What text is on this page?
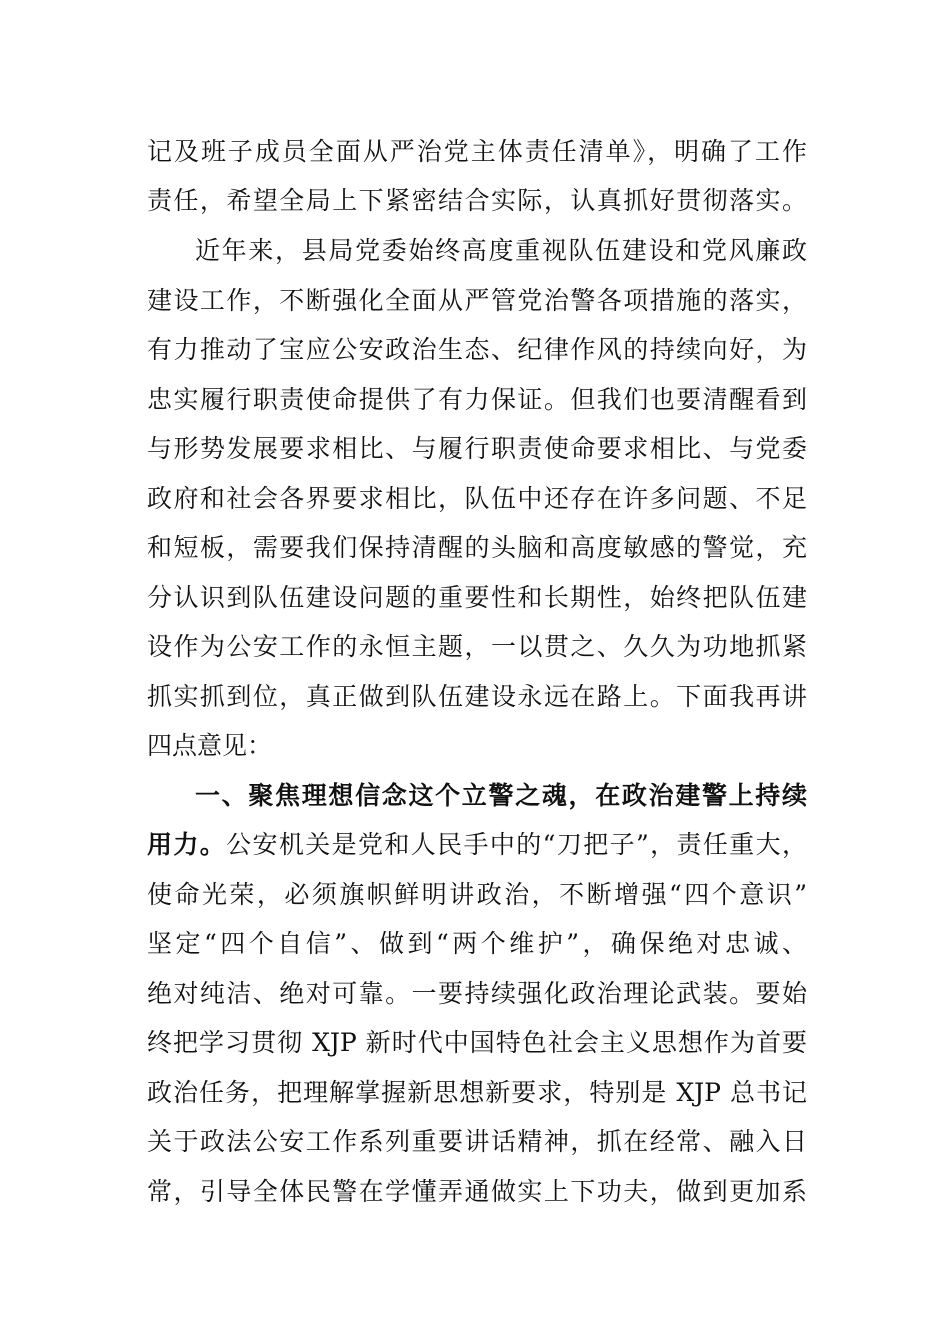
记及班子成员全面从严治党主体责任清单》，明确了工作
责任，希望全局上下紧密结合实际，认真抓好贯彻落实。
近年来，县局党委始终高度重视队伍建设和党风廉政
建设工作，不断强化全面从严管党治警各项措施的落实，
有力推动了宝应公安政治生态、纪律作风的持续向好，为
忠实履行职责使命提供了有力保证。但我们也要清醒看到
与形势发展要求相比、与履行职责使命要求相比、与党委
政府和社会各界要求相比，队伍中还存在许多问题、不足
和短板，需要我们保持清醒的头脑和高度敏感的警觉，充
分认识到队伍建设问题的重要性和长期性，始终把队伍建
设作为公安工作的永恒主题，一以贯之、久久为功地抓紧
抓实抓到位，真正做到队伍建设永远在路上。下面我再讲
四点意见：
一、聚焦理想信念这个立警之魂，在政治建警上持续
用力。公安机关是党和人民手中的“刀把子”，责任重大，
使命光荣，必须旗帜鲜明讲政治，不断增强“四个意识”
坚定“四个自信”、做到“两个维护”，确保绝对忠诚、
绝对纯洁、绝对可靠。一要持续强化政治理论武装。要始
终把学习贯彻 XJP 新时代中国特色社会主义思想作为首要
政治任务，把理解掌握新思想新要求，特别是 XJP 总书记
关于政法公安工作系列重要讲话精神，抓在经常、融入日
常，引导全体民警在学懂弄通做实上下功夫，做到更加系
